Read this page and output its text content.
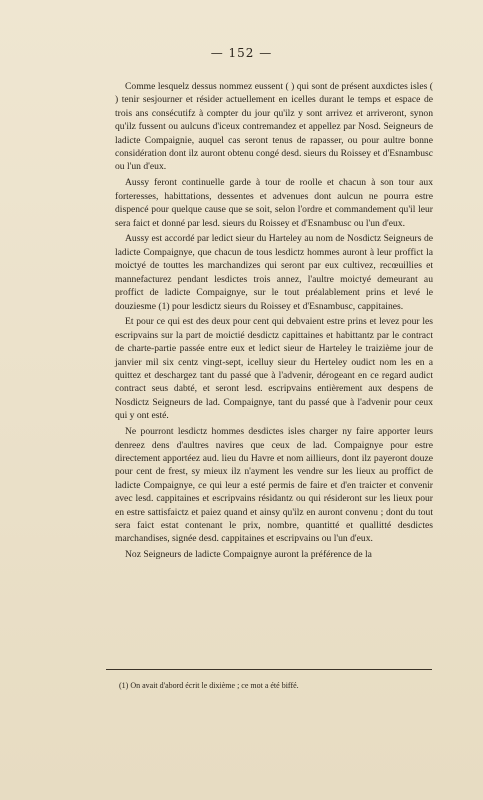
— 152 —

Comme lesquelz dessus nommez eussent ( ) qui sont de présent auxdictes isles ( ) tenir sesjourner et résider actuellement en icelles durant le temps et espace de trois ans consécutifz à compter du jour qu'ilz y sont arrivez et arriveront, synon qu'ilz fussent ou aulcuns d'iceux contremandez et appellez par Nosd. Seigneurs de ladicte Compaignie, auquel cas seront tenus de rapasser, ou pour aultre bonne considération dont ilz auront obtenu congé desd. sieurs du Roissey et d'Esnambusc ou l'un d'eux.

Aussy feront continuelle garde à tour de roolle et chacun à son tour aux forteresses, habittations, dessentes et advenues dont aulcun ne pourra estre dispencé pour quelque cause que se soit, selon l'ordre et commandement qu'il leur sera faict et donné par lesd. sieurs du Roissey et d'Esnambusc ou l'un d'eux.

Aussy est accordé par ledict sieur du Harteley au nom de Nosdictz Seigneurs de ladicte Compaignye, que chacun de tous lesdictz hommes auront à leur proffict la moictyé de touttes les marchandizes qui seront par eux cultivez, recœuillies et mannefacturez pendant lesdictes trois annez, l'aultre moictyé demeurant au proffict de ladicte Compaignye, sur le tout préalablement prins et levé le douziesme (1) pour lesdictz sieurs du Roissey et d'Esnambusc, cappitaines.

Et pour ce qui est des deux pour cent qui debvaient estre prins et levez pour les escripvains sur la part de moictié desdictz capittaines et habittantz par le contract de charte-partie passée entre eux et ledict sieur de Harteley le traizième jour de janvier mil six centz vingt-sept, icelluy sieur du Herteley oudict nom les en a quittez et deschargez tant du passé que à l'advenir, dérogeant en ce regard audict contract seus dabté, et seront lesd. escripvains entièrement aux despens de Nosdictz Seigneurs de lad. Compaignye, tant du passé que à l'advenir pour ceux qui y ont esté.

Ne pourront lesdictz hommes desdictes isles charger ny faire apporter leurs denreez dens d'aultres navires que ceux de lad. Compaignye pour estre directement apportéez aud. lieu du Havre et nom aillieurs, dont ilz payeront douze pour cent de frest, sy mieux ilz n'ayment les vendre sur les lieux au proffict de ladicte Compaignye, ce qui leur a esté permis de faire et d'en traicter et convenir avec lesd. cappitaines et escripvains résidantz ou qui résideront sur les lieux pour en estre sattisfaictz et paiez quand et ainsy qu'ilz en auront convenu ; dont du tout sera faict estat contenant le prix, nombre, quantitté et quallitté desdictes marchandises, signée desd. cappitaines et escripvains ou l'un d'eux.

Noz Seigneurs de ladicte Compaignye auront la préférence de la

(1) On avait d'abord écrit le dixième ; ce mot a été biffé.
